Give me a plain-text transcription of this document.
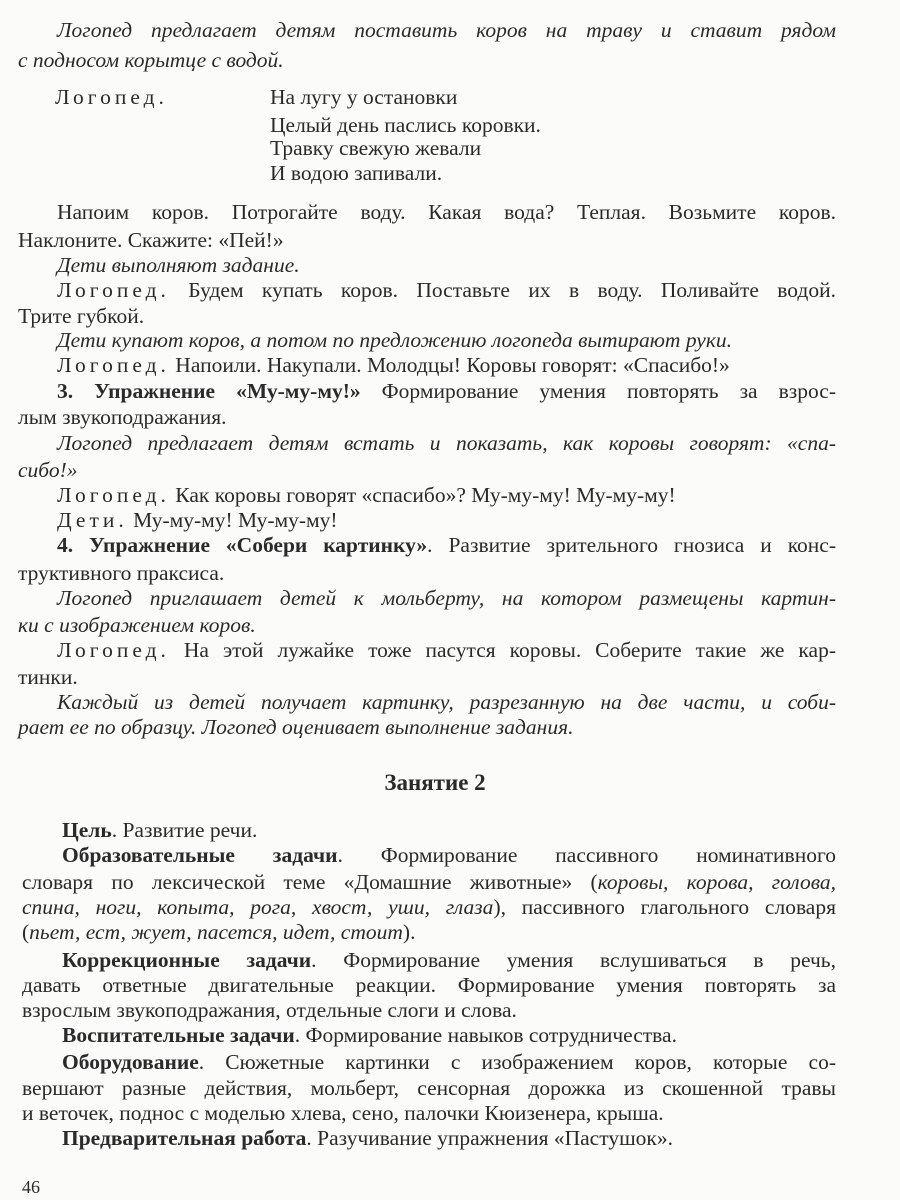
46
Логопед предлагает детям поставить коров на траву и ставит рядом
с подносом корытце с водой.
Логопед.	На лугу у остановки
Целый день паслись коровки.
Травку свежую жевали
И водою запивали.
Напоим коров. Потрогайте воду. Какая вода? Теплая. Возьмите коров.
Наклоните. Скажите: «Пей!»
Дети выполняют задание.
Логопед. Будем купать коров. Поставьте их в воду. Поливайте водой.
Трите губкой.
Дети купают коров, а потом по предложению логопеда вытирают руки.
Логопед. Напоили. Накупали. Молодцы! Коровы говорят: «Спасибо!»
3. Упражнение «Му-му-му!» Формирование умения повторять за взрос-
лым звукоподражания.
Логопед предлагает детям встать и показать, как коровы говорят: «спа-
сибо!»
Логопед. Как коровы говорят «спасибо»? Му-му-му! Му-му-му!
Дети. Му-му-му! Му-му-му!
4. Упражнение «Собери картинку». Развитие зрительного гнозиса и конс-
труктивного праксиса.
Логопед приглашает детей к мольберту, на котором размещены картин-
ки с изображением коров.
Логопед. На этой лужайке тоже пасутся коровы. Соберите такие же кар-
тинки.
Каждый из детей получает картинку, разрезанную на две части, и соби-
рает ее по образцу. Логопед оценивает выполнение задания.
Занятие 2
Цель. Развитие речи.
Образовательные задачи. Формирование пассивного номинативного
словаря по лексической теме «Домашние животные» (коровы, корова, голова,
спина, ноги, копыта, рога, хвост, уши, глаза), пассивного глагольного словаря
(пьет, ест, жует, пасется, идет, стоит).
Коррекционные задачи. Формирование умения вслушиваться в речь,
давать ответные двигательные реакции. Формирование умения повторять за
взрослым звукоподражания, отдельные слоги и слова.
Воспитательные задачи. Формирование навыков сотрудничества.
Оборудование. Сюжетные картинки с изображением коров, которые со-
вершают разные действия, мольберт, сенсорная дорожка из скошенной травы
и веточек, поднос с моделью хлева, сено, палочки Кюизенера, крыша.
Предварительная работа. Разучивание упражнения «Пастушок».
